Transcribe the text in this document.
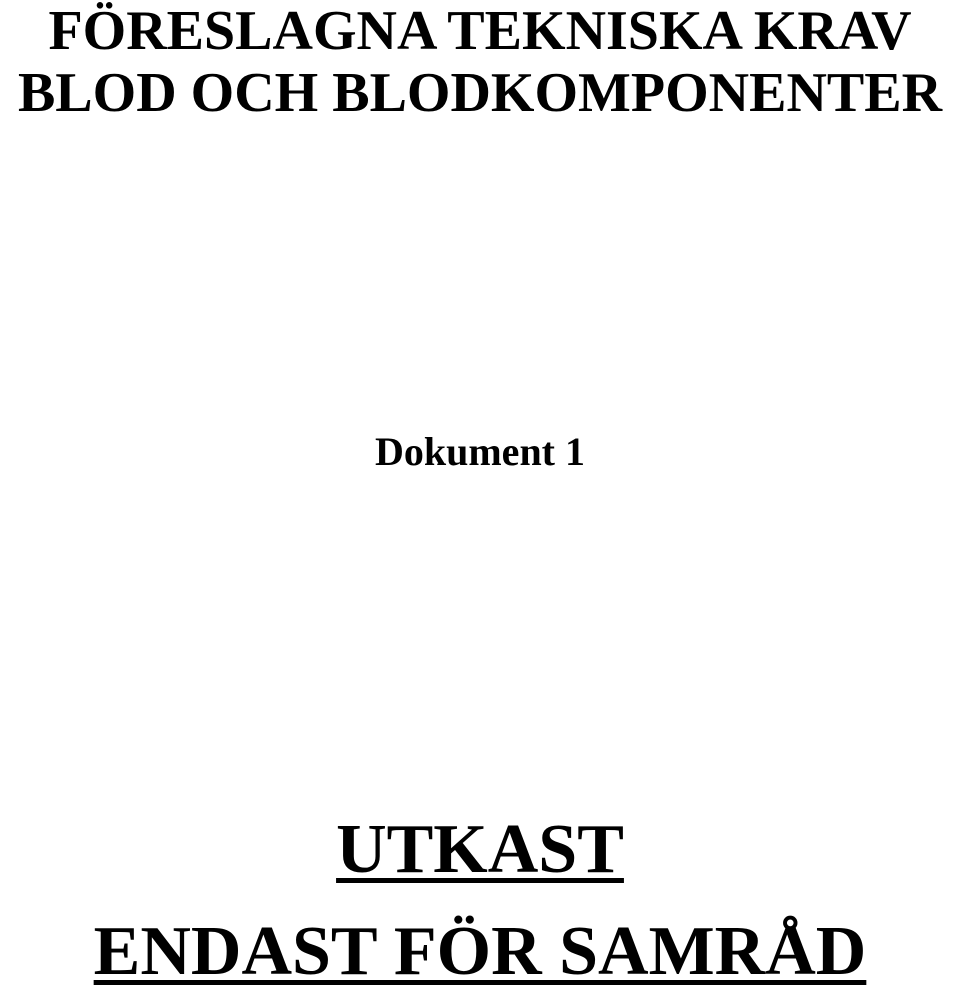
FÖRESLAGNA TEKNISKA KRAV
BLOD OCH BLODKOMPONENTER
Dokument 1
UTKAST
ENDAST FÖR SAMRÅD
